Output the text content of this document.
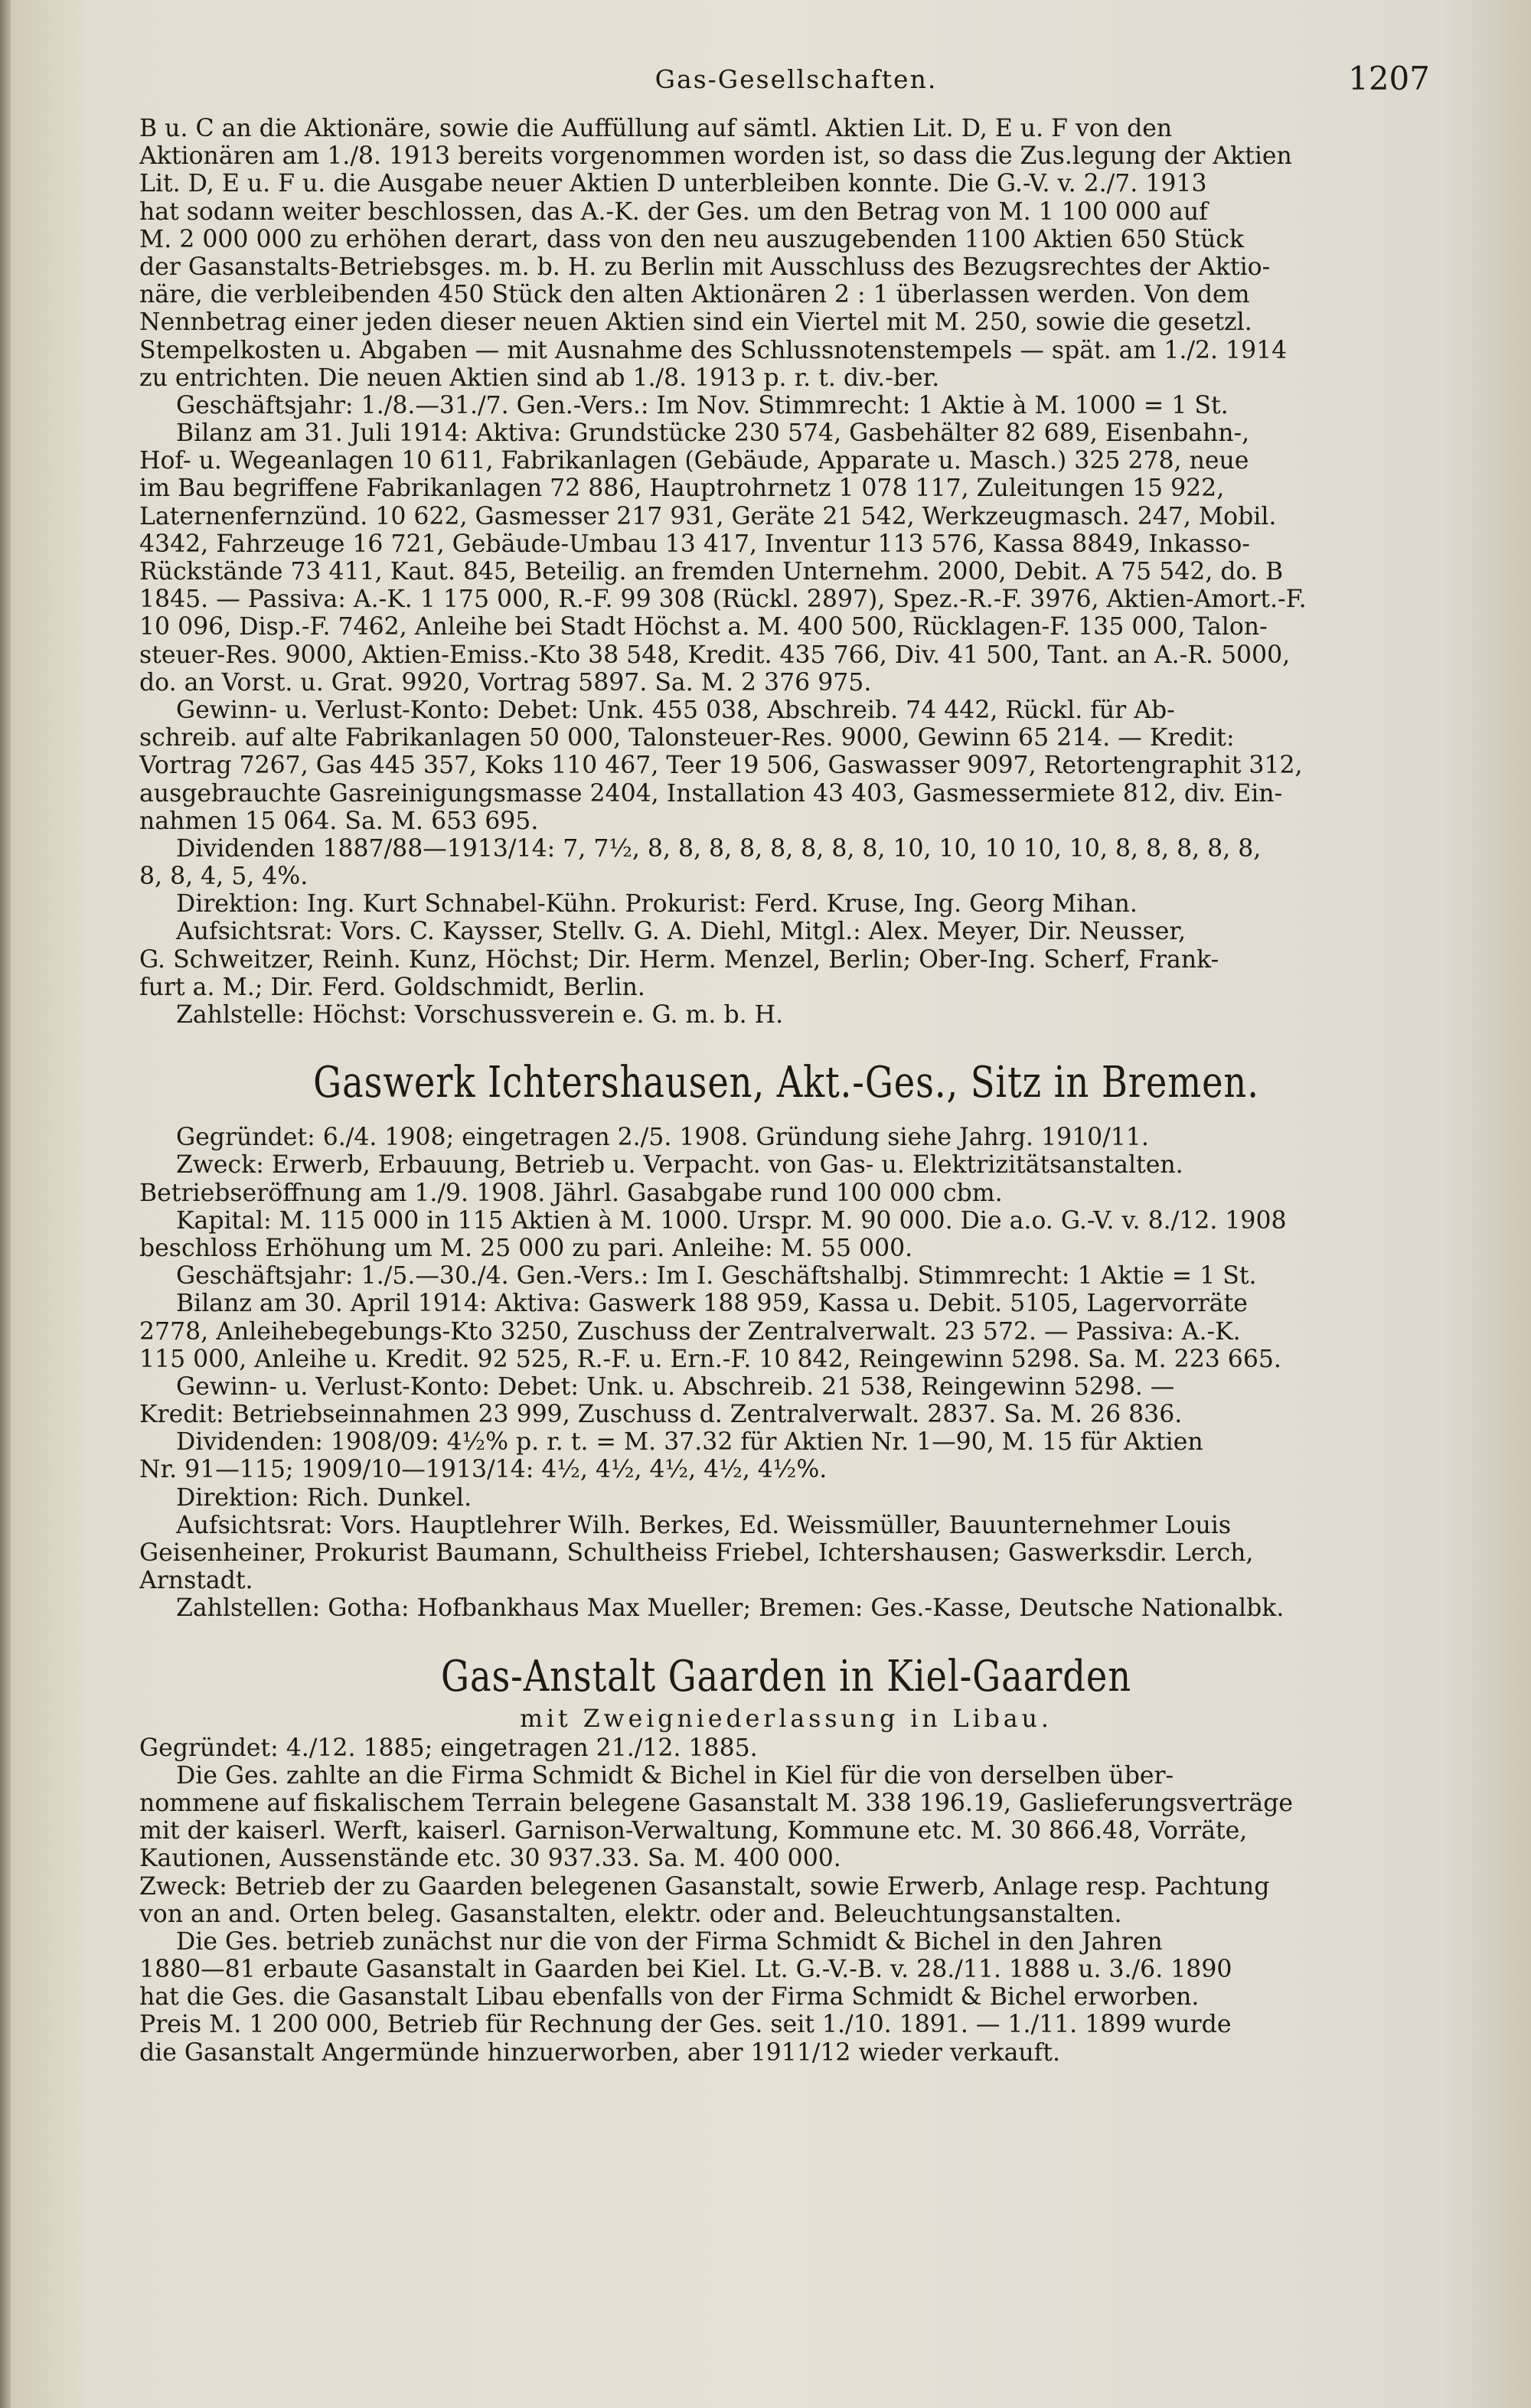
Gas-Gesellschaften.	1207

B u. C an die Aktionäre, sowie die Auffüllung auf sämtl. Aktien Lit. D, E u. F von den

Aktionären am 1./8. 1913 bereits vorgenommen worden ist, so dass die Zus.legung der Aktien

Lit. D, E u. F u. die Ausgabe neuer Aktien D unterbleiben konnte. Die G.-V. v. 2./7. 1913

hat sodann weiter beschlossen, das A.-K. der Ges. um den Betrag von M. 1 100 000 auf

M. 2 000 000 zu erhöhen derart, dass von den neu auszugebenden 1100 Aktien 650 Stück

der Gasanstalts-Betriebsges. m. b. H. zu Berlin mit Ausschluss des Bezugsrechtes der Aktio-

näre, die verbleibenden 450 Stück den alten Aktionären 2 : 1 überlassen werden. Von dem

Nennbetrag einer jeden dieser neuen Aktien sind ein Viertel mit M. 250, sowie die gesetzl.

Stempelkosten u. Abgaben — mit Ausnahme des Schlussnotenstempels — spät. am 1./2. 1914

zu entrichten. Die neuen Aktien sind ab 1./8. 1913 p. r. t. div.-ber.

Geschäftsjahr: 1./8.—31./7. Gen.-Vers.: Im Nov. Stimmrecht: 1 Aktie à M. 1000 = 1 St.

Bilanz am 31. Juli 1914: Aktiva: Grundstücke 230 574, Gasbehälter 82 689, Eisenbahn-,

Hof- u. Wegeanlagen 10 611, Fabrikanlagen (Gebäude, Apparate u. Masch.) 325 278, neue

im Bau begriffene Fabrikanlagen 72 886, Hauptrohrnetz 1 078 117, Zuleitungen 15 922,

Laternenfernzünd. 10 622, Gasmesser 217 931, Geräte 21 542, Werkzeugmasch. 247, Mobil.

4342, Fahrzeuge 16 721, Gebäude-Umbau 13 417, Inventur 113 576, Kassa 8849, Inkasso-

Rückstände 73 411, Kaut. 845, Beteilig. an fremden Unternehm. 2000, Debit. A 75 542, do. B

1845. — Passiva: A.-K. 1 175 000, R.-F. 99 308 (Rückl. 2897), Spez.-R.-F. 3976, Aktien-Amort.-F.

10 096, Disp.-F. 7462, Anleihe bei Stadt Höchst a. M. 400 500, Rücklagen-F. 135 000, Talon-

steuer-Res. 9000, Aktien-Emiss.-Kto 38 548, Kredit. 435 766, Div. 41 500, Tant. an A.-R. 5000,

do. an Vorst. u. Grat. 9920, Vortrag 5897. Sa. M. 2 376 975.

Gewinn- u. Verlust-Konto: Debet: Unk. 455 038, Abschreib. 74 442, Rückl. für Ab-

schreib. auf alte Fabrikanlagen 50 000, Talonsteuer-Res. 9000, Gewinn 65 214. — Kredit:

Vortrag 7267, Gas 445 357, Koks 110 467, Teer 19 506, Gaswasser 9097, Retortengraphit 312,

ausgebrauchte Gasreinigungsmasse 2404, Installation 43 403, Gasmessermiete 812, div. Ein-

nahmen 15 064. Sa. M. 653 695.

Dividenden 1887/88—1913/14: 7, 7½, 8, 8, 8, 8, 8, 8, 8, 8, 10, 10, 10 10, 10, 8, 8, 8, 8, 8,

8, 8, 4, 5, 4%.

Direktion: Ing. Kurt Schnabel-Kühn. Prokurist: Ferd. Kruse, Ing. Georg Mihan.

Aufsichtsrat: Vors. C. Kaysser, Stellv. G. A. Diehl, Mitgl.: Alex. Meyer, Dir. Neusser,

G. Schweitzer, Reinh. Kunz, Höchst; Dir. Herm. Menzel, Berlin; Ober-Ing. Scherf, Frank-

furt a. M.; Dir. Ferd. Goldschmidt, Berlin.

Zahlstelle: Höchst: Vorschussverein e. G. m. b. H.

Gaswerk Ichtershausen, Akt.-Ges., Sitz in Bremen.

Gegründet: 6./4. 1908; eingetragen 2./5. 1908. Gründung siehe Jahrg. 1910/11.

Zweck: Erwerb, Erbauung, Betrieb u. Verpacht. von Gas- u. Elektrizitätsanstalten.

Betriebseröffnung am 1./9. 1908. Jährl. Gasabgabe rund 100 000 cbm.

Kapital: M. 115 000 in 115 Aktien à M. 1000. Urspr. M. 90 000. Die a.o. G.-V. v. 8./12. 1908

beschloss Erhöhung um M. 25 000 zu pari. Anleihe: M. 55 000.

Geschäftsjahr: 1./5.—30./4. Gen.-Vers.: Im I. Geschäftshalbj. Stimmrecht: 1 Aktie = 1 St.

Bilanz am 30. April 1914: Aktiva: Gaswerk 188 959, Kassa u. Debit. 5105, Lagervorräte

2778, Anleihebegebungs-Kto 3250, Zuschuss der Zentralverwalt. 23 572. — Passiva: A.-K.

115 000, Anleihe u. Kredit. 92 525, R.-F. u. Ern.-F. 10 842, Reingewinn 5298. Sa. M. 223 665.

Gewinn- u. Verlust-Konto: Debet: Unk. u. Abschreib. 21 538, Reingewinn 5298. —

Kredit: Betriebseinnahmen 23 999, Zuschuss d. Zentralverwalt. 2837. Sa. M. 26 836.

Dividenden: 1908/09: 4½% p. r. t. = M. 37.32 für Aktien Nr. 1—90, M. 15 für Aktien

Nr. 91—115; 1909/10—1913/14: 4½, 4½, 4½, 4½, 4½%.

Direktion: Rich. Dunkel.

Aufsichtsrat: Vors. Hauptlehrer Wilh. Berkes, Ed. Weissmüller, Bauunternehmer Louis

Geisenheiner, Prokurist Baumann, Schultheiss Friebel, Ichtershausen; Gaswerksdir. Lerch,

Arnstadt.

Zahlstellen: Gotha: Hofbankhaus Max Mueller; Bremen: Ges.-Kasse, Deutsche Nationalbk.

Gas-Anstalt Gaarden in Kiel-Gaarden

mit Zweigniederlassung in Libau.

Gegründet: 4./12. 1885; eingetragen 21./12. 1885.

Die Ges. zahlte an die Firma Schmidt & Bichel in Kiel für die von derselben über-

nommene auf fiskalischem Terrain belegene Gasanstalt M. 338 196.19, Gaslieferungsverträge

mit der kaiserl. Werft, kaiserl. Garnison-Verwaltung, Kommune etc. M. 30 866.48, Vorräte,

Kautionen, Aussenstände etc. 30 937.33. Sa. M. 400 000.

Zweck: Betrieb der zu Gaarden belegenen Gasanstalt, sowie Erwerb, Anlage resp. Pachtung

von an and. Orten beleg. Gasanstalten, elektr. oder and. Beleuchtungsanstalten.

Die Ges. betrieb zunächst nur die von der Firma Schmidt & Bichel in den Jahren

1880—81 erbaute Gasanstalt in Gaarden bei Kiel. Lt. G.-V.-B. v. 28./11. 1888 u. 3./6. 1890

hat die Ges. die Gasanstalt Libau ebenfalls von der Firma Schmidt & Bichel erworben.

Preis M. 1 200 000, Betrieb für Rechnung der Ges. seit 1./10. 1891. — 1./11. 1899 wurde

die Gasanstalt Angermünde hinzuerworben, aber 1911/12 wieder verkauft.
